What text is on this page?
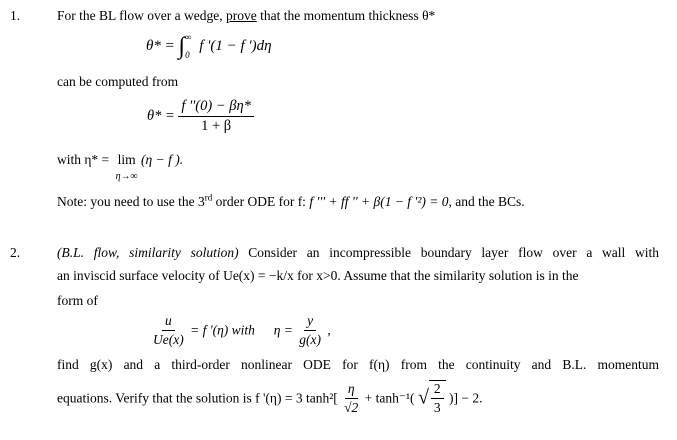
1.	For the BL flow over a wedge, prove that the momentum thickness θ*
θ* = ∫ ∞
0
f '(1 − f ')dη
can be computed from
$\theta* = \frac{f ''(0) - \beta\eta*}{1 + \beta}$
with η* = lim
η→∞
(η − f ).
Note: you need to use the 3rd order ODE for f: f ''' + ff '' + β(1 − f '²) = 0, and the BCs.
2.	(B.L. flow, similarity solution) Consider an incompressible boundary layer flow over a wall with
an inviscid surface velocity of Ue(x) = −k/x for x>0. Assume that the similarity solution is in the
form of
$\frac{u}{Ue(x)} = f$ '(η) with $\eta = \frac{y}{g(x)}$ ,
find g(x) and a third-order nonlinear ODE for f(η) from the continuity and B.L. momentum
equations. Verify that the solution is f '(η) = 3 $\tanh^2[ \frac{\eta}{√2} + \tanh^{-1}$( √ $\frac{2}{3}$ )] − 2.
